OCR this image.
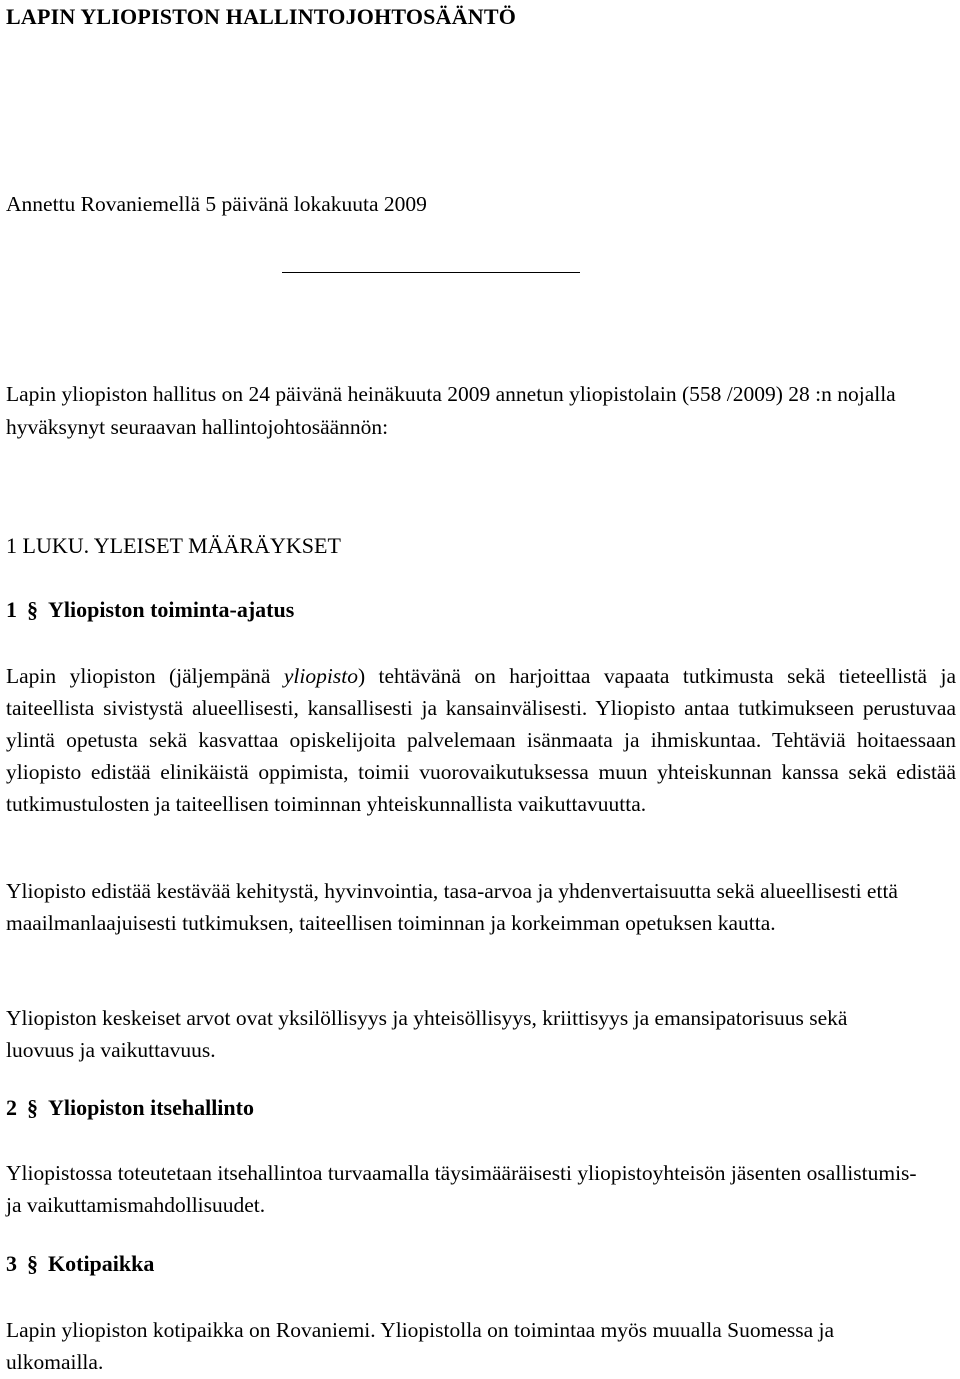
LAPIN YLIOPISTON HALLINTOJOHTOSÄÄNTÖ

Annettu Rovaniemellä 5 päivänä lokakuuta 2009

Lapin yliopiston hallitus on 24 päivänä heinäkuuta 2009 annetun yliopistolain (558 /2009) 28 :n nojalla hyväksynyt seuraavan hallintojohtosäännön:

1 LUKU. YLEISET MÄÄRÄYKSET

1 § Yliopiston toiminta-ajatus

Lapin yliopiston (jäljempänä yliopisto) tehtävänä on harjoittaa vapaata tutkimusta sekä tieteellistä ja taiteellista sivistystä alueellisesti, kansallisesti ja kansainvälisesti. Yliopisto antaa tutkimukseen perustuvaa ylintä opetusta sekä kasvattaa opiskelijoita palvelemaan isänmaata ja ihmiskuntaa. Tehtäviä hoitaessaan yliopisto edistää elinikäistä oppimista, toimii vuorovaikutuksessa muun yhteiskunnan kanssa sekä edistää tutkimustulosten ja taiteellisen toiminnan yhteiskunnallista vaikuttavuutta.

Yliopisto edistää kestävää kehitystä, hyvinvointia, tasa-arvoa ja yhdenvertaisuutta sekä alueellisesti että maailmanlaajuisesti tutkimuksen, taiteellisen toiminnan ja korkeimman opetuksen kautta.

Yliopiston keskeiset arvot ovat yksilöllisyys ja yhteisöllisyys, kriittisyys ja emansipatorisuus sekä luovuus ja vaikuttavuus.

2 § Yliopiston itsehallinto

Yliopistossa toteutetaan itsehallintoa turvaamalla täysimääräisesti yliopistoyhteisön jäsenten osallistumis- ja vaikuttamismahdollisuudet.

3 § Kotipaikka

Lapin yliopiston kotipaikka on Rovaniemi. Yliopistolla on toimintaa myös muualla Suomessa ja ulkomailla.
